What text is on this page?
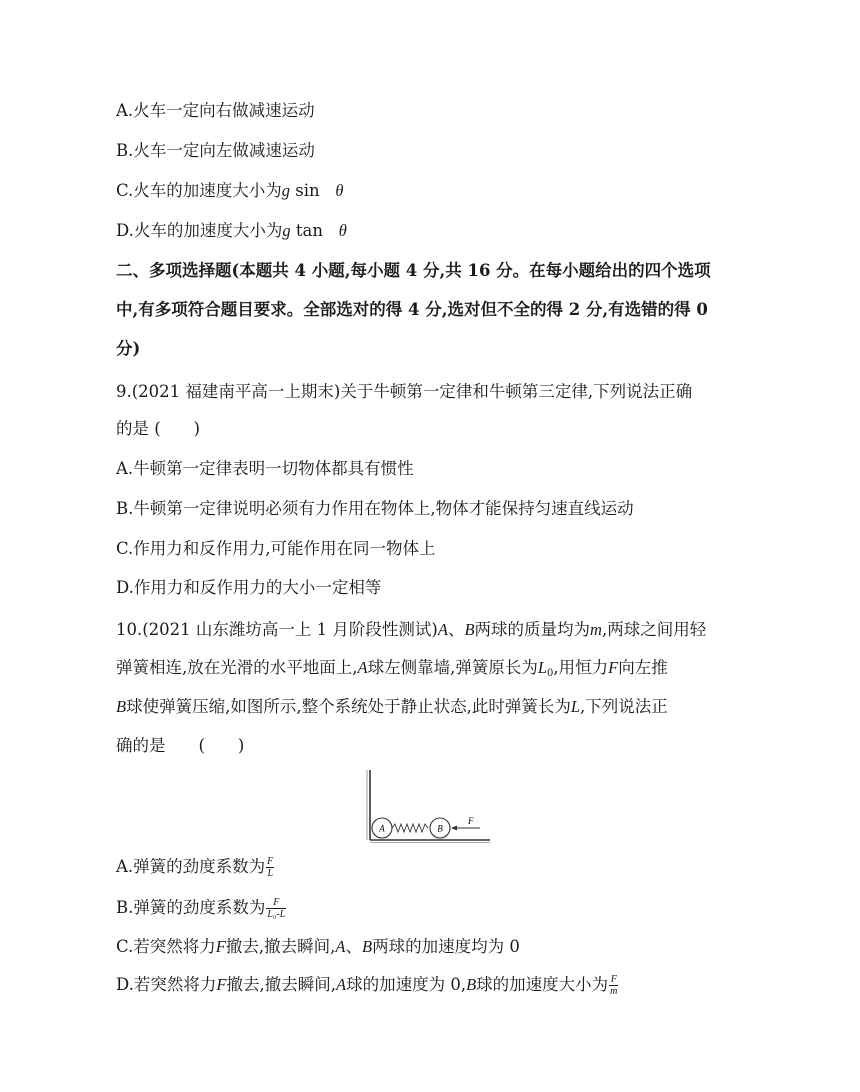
A.火车一定向右做减速运动
B.火车一定向左做减速运动
C.火车的加速度大小为g sin θ
D.火车的加速度大小为g tan θ
二、多项选择题(本题共 4 小题,每小题 4 分,共 16 分。在每小题给出的四个选项
中,有多项符合题目要求。全部选对的得 4 分,选对但不全的得 2 分,有选错的得 0
分)
9.(2021 福建南平高一上期末)关于牛顿第一定律和牛顿第三定律,下列说法正确
的是 (　　)
A.牛顿第一定律表明一切物体都具有惯性
B.牛顿第一定律说明必须有力作用在物体上,物体才能保持匀速直线运动
C.作用力和反作用力,可能作用在同一物体上
D.作用力和反作用力的大小一定相等
10.(2021 山东潍坊高一上 1 月阶段性测试)A、B两球的质量均为m,两球之间用轻
弹簧相连,放在光滑的水平地面上,A球左侧靠墙,弹簧原长为$L_0$,用恒力F向左推
B球使弹簧压缩,如图所示,整个系统处于静止状态,此时弹簧长为L,下列说法正
确的是　　(　　)
A	B
F
A.弹簧的劲度系数为 $\frac{F}{L}$
B.弹簧的劲度系数为 $\frac{F}{\text{L₀-L}}$
C.若突然将力F撤去,撤去瞬间,A、B两球的加速度均为 0
D.若突然将力F撤去,撤去瞬间,A球的加速度为 0,B球的加速度大小为 $\frac{F}{m}$
